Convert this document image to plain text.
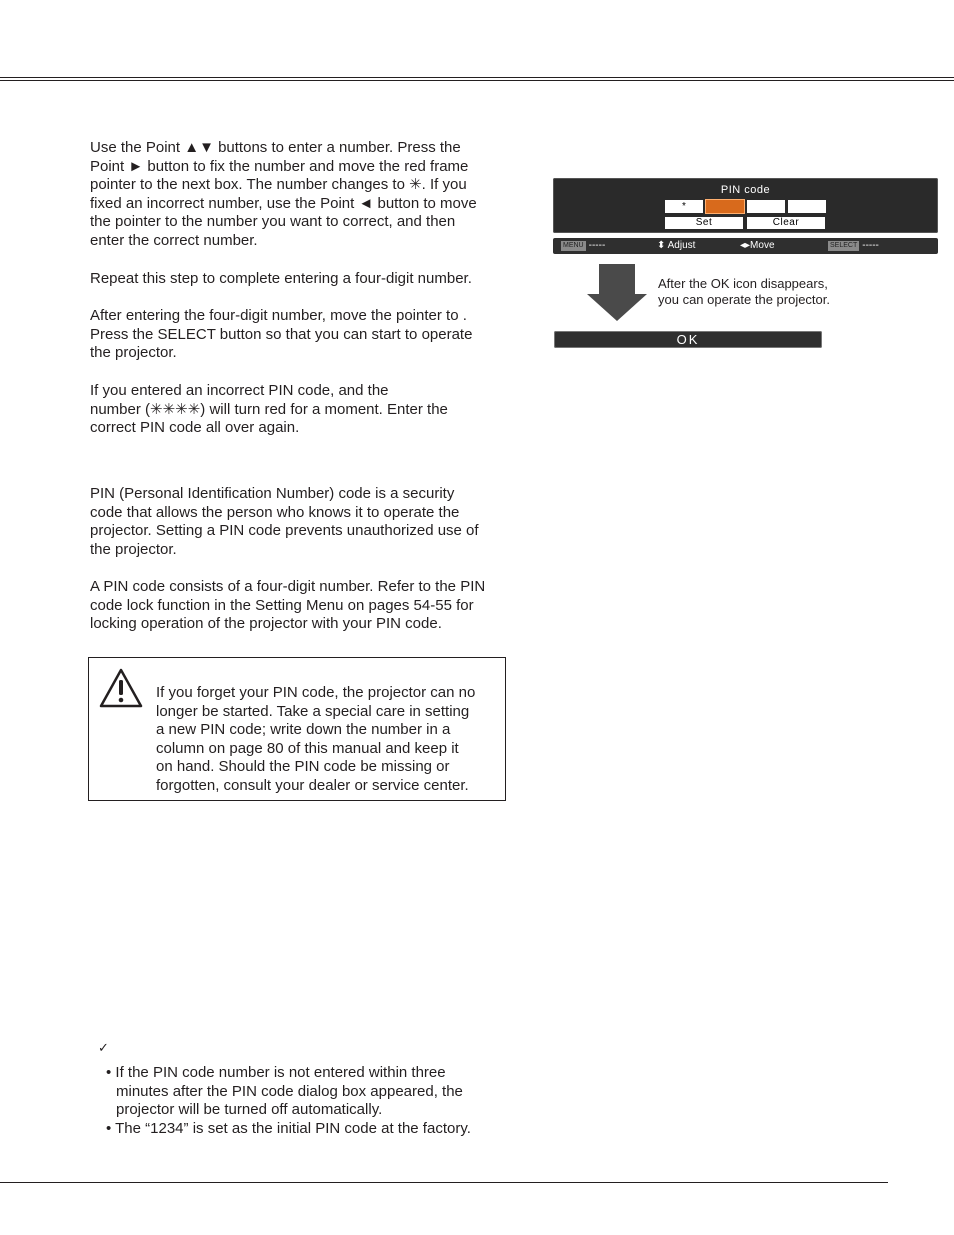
Use the Point ▲▼ buttons to enter a number. Press the
Point ► button to fix the number and move the red frame
pointer to the next box. The number changes to ✳. If you
fixed an incorrect number, use the Point ◄ button to move
the pointer to the number you want to correct, and then
enter the correct number.
Repeat this step to complete entering a four-digit number.
After entering the four-digit number, move the pointer to .
Press the SELECT button so that you can start to operate
the projector.
If you entered an incorrect PIN code, and the
number (✳✳✳✳) will turn red for a moment. Enter the
correct PIN code all over again.
PIN (Personal Identification Number) code is a security
code that allows the person who knows it to operate the
projector. Setting a PIN code prevents unauthorized use of
the projector.
A PIN code consists of a four-digit number. Refer to the PIN
code lock function in the Setting Menu on pages 54-55 for
locking operation of the projector with your PIN code.
If you forget your PIN code, the projector can no
longer be started. Take a special care in setting
a new PIN code; write down the number in a
column on page 80 of this manual and keep it
on hand. Should the PIN code be missing or
forgotten, consult your dealer or service center.
✓
• If the PIN code number is not entered within three
minutes after the PIN code dialog box appeared, the
projector will be turned off automatically.
• The “1234” is set as the initial PIN code at the factory.
PIN code
*
Set	Clear
MENU -----	⬍ Adjust	◂▸Move	SELECT -----
After the OK icon disappears,
you can operate the projector.
OK
